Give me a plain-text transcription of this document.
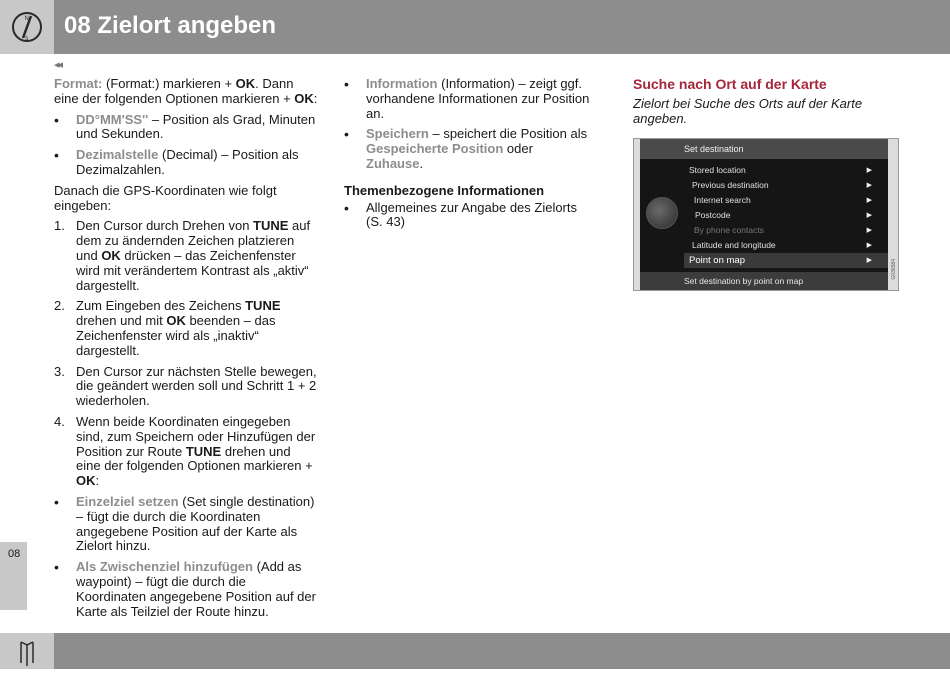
N
S 08 Zielort angeben
◂◂

Format: (Format:) markieren + OK. Dann eine der folgenden Optionen markieren + OK:

• DD°MM'SS'' – Position als Grad, Minuten und Sekunden.
• Dezimalstelle (Decimal) – Position als Dezimalzahlen.

Danach die GPS-Koordinaten wie folgt eingeben:

1. Den Cursor durch Drehen von TUNE auf dem zu ändernden Zeichen platzieren und OK drücken – das Zeichenfenster wird mit verändertem Kontrast als „aktiv“ dargestellt.
2. Zum Eingeben des Zeichens TUNE drehen und mit OK beenden – das Zeichenfenster wird als „inaktiv“ dargestellt.
3. Den Cursor zur nächsten Stelle bewegen, die geändert werden soll und Schritt 1 + 2 wiederholen.
4. Wenn beide Koordinaten eingegeben sind, zum Speichern oder Hinzufügen der Position zur Route TUNE drehen und eine der folgenden Optionen markieren + OK:
• Einzelziel setzen (Set single destination) – fügt die durch die Koordinaten angegebene Position auf der Karte als Zielort hinzu.
• Als Zwischenziel hinzufügen (Add as waypoint) – fügt die durch die Koordinaten angegebene Position auf der Karte als Teilziel der Route hinzu.
• Information (Information) – zeigt ggf. vorhandene Informationen zur Position an.
• Speichern – speichert die Position als Gespeicherte Position oder Zuhause.
Themenbezogene Informationen
• Allgemeines zur Angabe des Zielorts (S. 43)
Suche nach Ort auf der Karte
Zielort bei Suche des Orts auf der Karte angeben.
Set destination
Stored location	▶
Previous destination	▶
Internet search	▶
Postcode	▶
By phone contacts	▶
Latitude and longitude	▶
Point on map	▶
Set destination by point on map
G036584
08
